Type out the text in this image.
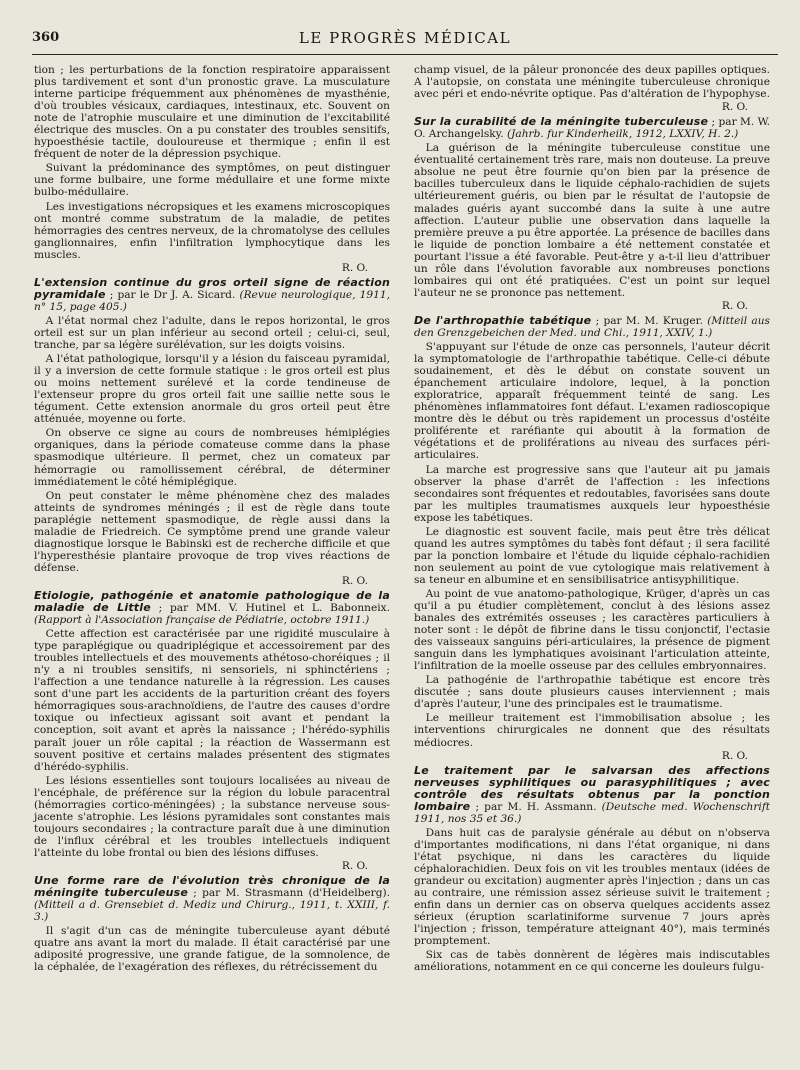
360	LE PROGRÈS MÉDICAL

tion ; les perturbations de la fonction respiratoire apparaissent plus tardivement et sont d'un pronostic grave. La musculature interne participe fréquemment aux phénomènes de myasthénie, d'où troubles vésicaux, cardiaques, intestinaux, etc. Souvent on note de l'atrophie musculaire et une diminution de l'excitabilité électrique des muscles. On a pu constater des troubles sensitifs, hypoesthésie tactile, douloureuse et thermique ; enfin il est fréquent de noter de la dépression psychique.

Suivant la prédominance des symptômes, on peut distinguer une forme bulbaire, une forme médullaire et une forme mixte bulbo-médullaire.

Les investigations nécropsiques et les examens microscopiques ont montré comme substratum de la maladie, de petites hémorragies des centres nerveux, de la chromatolyse des cellules ganglionnaires, enfin l'infiltration lymphocytique dans les muscles.

R. O.

L'extension continue du gros orteil signe de réaction pyramidale ; par le Dr J. A. Sicard. (Revue neurologique, 1911, n° 15, page 405.)

A l'état normal chez l'adulte, dans le repos horizontal, le gros orteil est sur un plan inférieur au second orteil ; celui-ci, seul, tranche, par sa légère surélévation, sur les doigts voisins.

A l'état pathologique, lorsqu'il y a lésion du faisceau pyramidal, il y a inversion de cette formule statique : le gros orteil est plus ou moins nettement surélevé et la corde tendineuse de l'extenseur propre du gros orteil fait une saillie nette sous le tégument. Cette extension anormale du gros orteil peut être atténuée, moyenne ou forte.

On observe ce signe au cours de nombreuses hémiplégies organiques, dans la période comateuse comme dans la phase spasmodique ultérieure. Il permet, chez un comateux par hémorragie ou ramollissement cérébral, de déterminer immédiatement le côté hémiplégique.

On peut constater le même phénomène chez des malades atteints de syndromes méningés ; il est de règle dans toute paraplégie nettement spasmodique, de règle aussi dans la maladie de Friedreich. Ce symptôme prend une grande valeur diagnostique lorsque le Babinski est de recherche difficile et que l'hyperesthésie plantaire provoque de trop vives réactions de défense.

R. O.

Etiologie, pathogénie et anatomie pathologique de la maladie de Little ; par MM. V. Hutinel et L. Babonneix. (Rapport à l'Association française de Pédiatrie, octobre 1911.)

Cette affection est caractérisée par une rigidité musculaire à type paraplégique ou quadriplégique et accessoirement par des troubles intellectuels et des mouvements athétoso-choréiques ; il n'y a ni troubles sensitifs, ni sensoriels, ni sphinctériens ; l'affection a une tendance naturelle à la régression. Les causes sont d'une part les accidents de la parturition créant des foyers hémorragiques sous-arachnoïdiens, de l'autre des causes d'ordre toxique ou infectieux agissant soit avant et pendant la conception, soit avant et après la naissance ; l'hérédo-syphilis paraît jouer un rôle capital ; la réaction de Wassermann est souvent positive et certains malades présentent des stigmates d'hérédo-syphilis.

Les lésions essentielles sont toujours localisées au niveau de l'encéphale, de préférence sur la région du lobule paracentral (hémorragies cortico-méningées) ; la substance nerveuse sous-jacente s'atrophie. Les lésions pyramidales sont constantes mais toujours secondaires ; la contracture paraît due à une diminution de l'influx cérébral et les troubles intellectuels indiquent l'atteinte du lobe frontal ou bien des lésions diffuses.

R. O.

Une forme rare de l'évolution très chronique de la méningite tuberculeuse ; par M. Strasmann (d'Heidelberg). (Mitteil a d. Grensebiet d. Mediz und Chirurg., 1911, t. XXIII, f. 3.)

Il s'agit d'un cas de méningite tuberculeuse ayant débuté quatre ans avant la mort du malade. Il était caractérisé par une adiposité progressive, une grande fatigue, de la somnolence, de la céphalée, de l'exagération des réflexes, du rétrécissement du

champ visuel, de la pâleur prononcée des deux papilles optiques. A l'autopsie, on constata une méningite tuberculeuse chronique avec péri et endo-névrite optique. Pas d'altération de l'hypophyse.

R. O.

Sur la curabilité de la méningite tuberculeuse ; par M. W. O. Archangelsky. (Jahrb. fur Kinderheilk, 1912, LXXIV, H. 2.)

La guérison de la méningite tuberculeuse constitue une éventualité certainement très rare, mais non douteuse. La preuve absolue ne peut être fournie qu'on bien par la présence de bacilles tuberculeux dans le liquide céphalo-rachidien de sujets ultérieurement guéris, ou bien par le résultat de l'autopsie de malades guéris ayant succombé dans la suite à une autre affection. L'auteur publie une observation dans laquelle la première preuve a pu être apportée. La présence de bacilles dans le liquide de ponction lombaire a été nettement constatée et pourtant l'issue a été favorable. Peut-être y a-t-il lieu d'attribuer un rôle dans l'évolution favorable aux nombreuses ponctions lombaires qui ont été pratiquées. C'est un point sur lequel l'auteur ne se prononce pas nettement.

R. O.

De l'arthropathie tabétique ; par M. M. Kruger. (Mitteil aus den Grenzgebeichen der Med. und Chi., 1911, XXIV, 1.)

S'appuyant sur l'étude de onze cas personnels, l'auteur décrit la symptomatologie de l'arthropathie tabétique. Celle-ci débute soudainement, et dès le début on constate souvent un épanchement articulaire indolore, lequel, à la ponction exploratrice, apparaît fréquemment teinté de sang. Les phénomènes inflammatoires font défaut. L'examen radioscopique montre dès le début ou très rapidement un processus d'ostéite proliférente et raréfiante qui aboutit à la formation de végétations et de proliférations au niveau des surfaces péri-articulaires.

La marche est progressive sans que l'auteur ait pu jamais observer la phase d'arrêt de l'affection : les infections secondaires sont fréquentes et redoutables, favorisées sans doute par les multiples traumatismes auxquels leur hypoesthésie expose les tabétiques.

Le diagnostic est souvent facile, mais peut être très délicat quand les autres symptômes du tabès font défaut ; il sera facilité par la ponction lombaire et l'étude du liquide céphalo-rachidien non seulement au point de vue cytologique mais relativement à sa teneur en albumine et en sensibilisatrice antisyphilitique.

Au point de vue anatomo-pathologique, Krüger, d'après un cas qu'il a pu étudier complètement, conclut à des lésions assez banales des extrémités osseuses ; les caractères particuliers à noter sont : le dépôt de fibrine dans le tissu conjonctif, l'ectasie des vaisseaux sanguins péri-articulaires, la présence de pigment sanguin dans les lymphatiques avoisinant l'articulation atteinte, l'infiltration de la moelle osseuse par des cellules embryonnaires.

La pathogénie de l'arthropathie tabétique est encore très discutée ; sans doute plusieurs causes interviennent ; mais d'après l'auteur, l'une des principales est le traumatisme.

Le meilleur traitement est l'immobilisation absolue ; les interventions chirurgicales ne donnent que des résultats médiocres.

R. O.

Le traitement par le salvarsan des affections nerveuses syphilitiques ou parasyphilitiques ; avec contrôle des résultats obtenus par la ponction lombaire ; par M. H. Assmann. (Deutsche med. Wochenschrift 1911, nos 35 et 36.)

Dans huit cas de paralysie générale au début on n'observa d'importantes modifications, ni dans l'état organique, ni dans l'état psychique, ni dans les caractères du liquide céphalorachidien. Deux fois on vit les troubles mentaux (idées de grandeur ou excitation) augmenter après l'injection ; dans un cas au contraire, une rémission assez sérieuse suivit le traitement ; enfin dans un dernier cas on observa quelques accidents assez sérieux (éruption scarlatiniforme survenue 7 jours après l'injection ; frisson, température atteignant 40°), mais terminés promptement.

Six cas de tabès donnèrent de légères mais indiscutables améliorations, notamment en ce qui concerne les douleurs fulgu-
